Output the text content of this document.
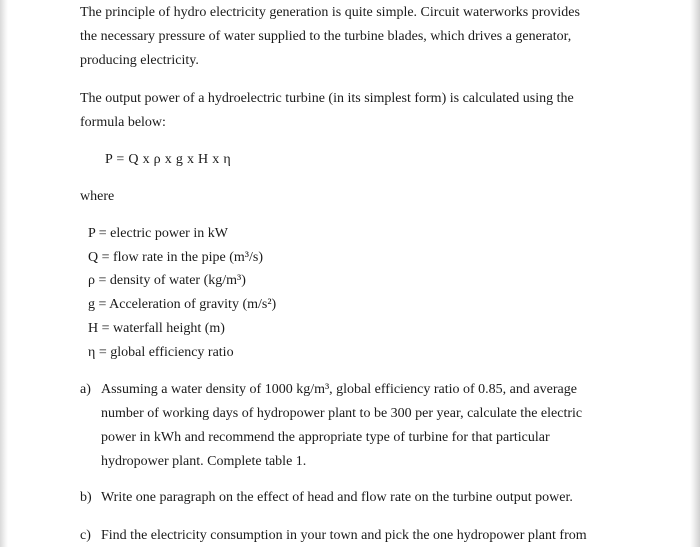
The principle of hydro electricity generation is quite simple. Circuit waterworks provides
the necessary pressure of water supplied to the turbine blades, which drives a generator,
producing electricity.
The output power of a hydroelectric turbine (in its simplest form) is calculated using the
formula below:
P = Q x ρ x g x H x η
where
P = electric power in kW
Q = flow rate in the pipe (m³/s)
ρ = density of water (kg/m³)
g = Acceleration of gravity (m/s²)
H = waterfall height (m)
η = global efficiency ratio
a) Assuming a water density of 1000 kg/m³, global efficiency ratio of 0.85, and average
number of working days of hydropower plant to be 300 per year, calculate the electric
power in kWh and recommend the appropriate type of turbine for that particular
hydropower plant. Complete table 1.
b) Write one paragraph on the effect of head and flow rate on the turbine output power.
c) Find the electricity consumption in your town and pick the one hydropower plant from
